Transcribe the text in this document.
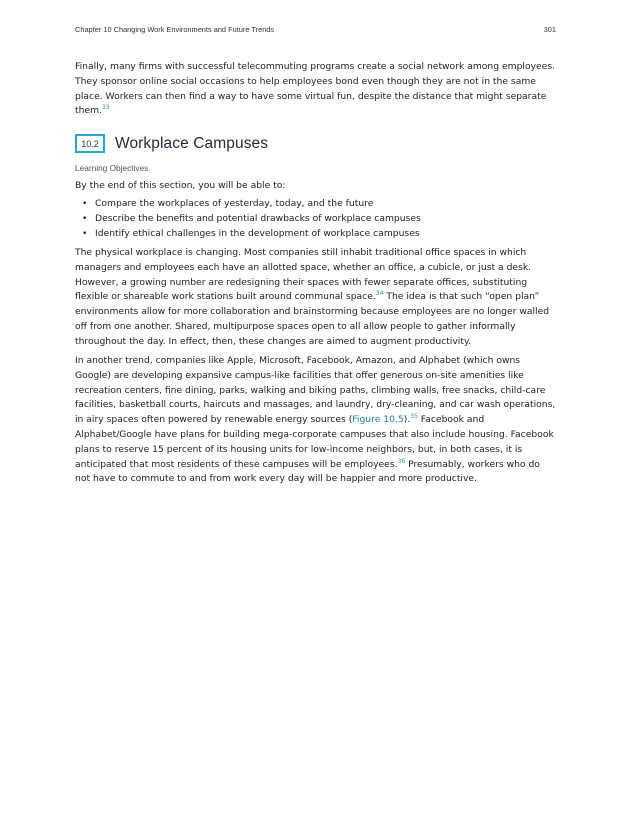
Chapter 10 Changing Work Environments and Future Trends	301

Finally, many firms with successful telecommuting programs create a social network among employees. They sponsor online social occasions to help employees bond even though they are not in the same place. Workers can then find a way to have some virtual fun, despite the distance that might separate them.$^{33}$

10.2	Workplace Campuses
Learning Objectives

By the end of this section, you will be able to:

• Compare the workplaces of yesterday, today, and the future
• Describe the benefits and potential drawbacks of workplace campuses
• Identify ethical challenges in the development of workplace campuses

The physical workplace is changing. Most companies still inhabit traditional office spaces in which managers and employees each have an allotted space, whether an office, a cubicle, or just a desk. However, a growing number are redesigning their spaces with fewer separate offices, substituting flexible or shareable work stations built around communal space.$^{34}$ The idea is that such “open plan” environments allow for more collaboration and brainstorming because employees are no longer walled off from one another. Shared, multipurpose spaces open to all allow people to gather informally throughout the day. In effect, then, these changes are aimed to augment productivity.

In another trend, companies like Apple, Microsoft, Facebook, Amazon, and Alphabet (which owns Google) are developing expansive campus-like facilities that offer generous on-site amenities like recreation centers, fine dining, parks, walking and biking paths, climbing walls, free snacks, child-care facilities, basketball courts, haircuts and massages, and laundry, dry-cleaning, and car wash operations, in airy spaces often powered by renewable energy sources (Figure 10.5).$^{35}$ Facebook and Alphabet/Google have plans for building mega-corporate campuses that also include housing. Facebook plans to reserve 15 percent of its housing units for low-income neighbors, but, in both cases, it is anticipated that most residents of these campuses will be employees.$^{36}$ Presumably, workers who do not have to commute to and from work every day will be happier and more productive.
